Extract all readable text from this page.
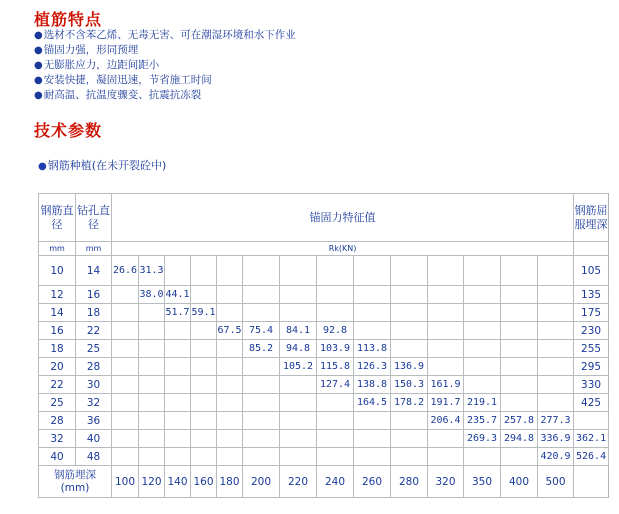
植筋特点
●选材不含苯乙烯、无毒无害、可在潮湿环境和水下作业
●锚固力强，形同预埋
●无膨胀应力，边距间距小
●安装快捷，凝固迅速，节省施工时间
●耐高温、抗温度骤变、抗震抗冻裂
技术参数
●钢筋种植(在未开裂砼中)
钢筋直径	钻孔直径	锚固力特征值														钢筋屈服埋深	
mm	mm	Rk(KN)															
10	14	26.6	31.3													105	
12	16		38.0	44.1												135	
14	18			51.7	59.1											175	
16	22					67.5	75.4	84.1	92.8							230	
18	25						85.2	94.8	103.9	113.8						255	
20	28							105.2	115.8	126.3	136.9					295	
22	30								127.4	138.8	150.3	161.9				330	
25	32									164.5	178.2	191.7	219.1			425	
28	36											206.4	235.7	257.8	277.3		
32	40												269.3	294.8	336.9	362.1	
40	48														420.9	526.4	
钢筋埋深
(mm)		100	120	140	160	180	200	220	240	260	280	320	350	400	500		
